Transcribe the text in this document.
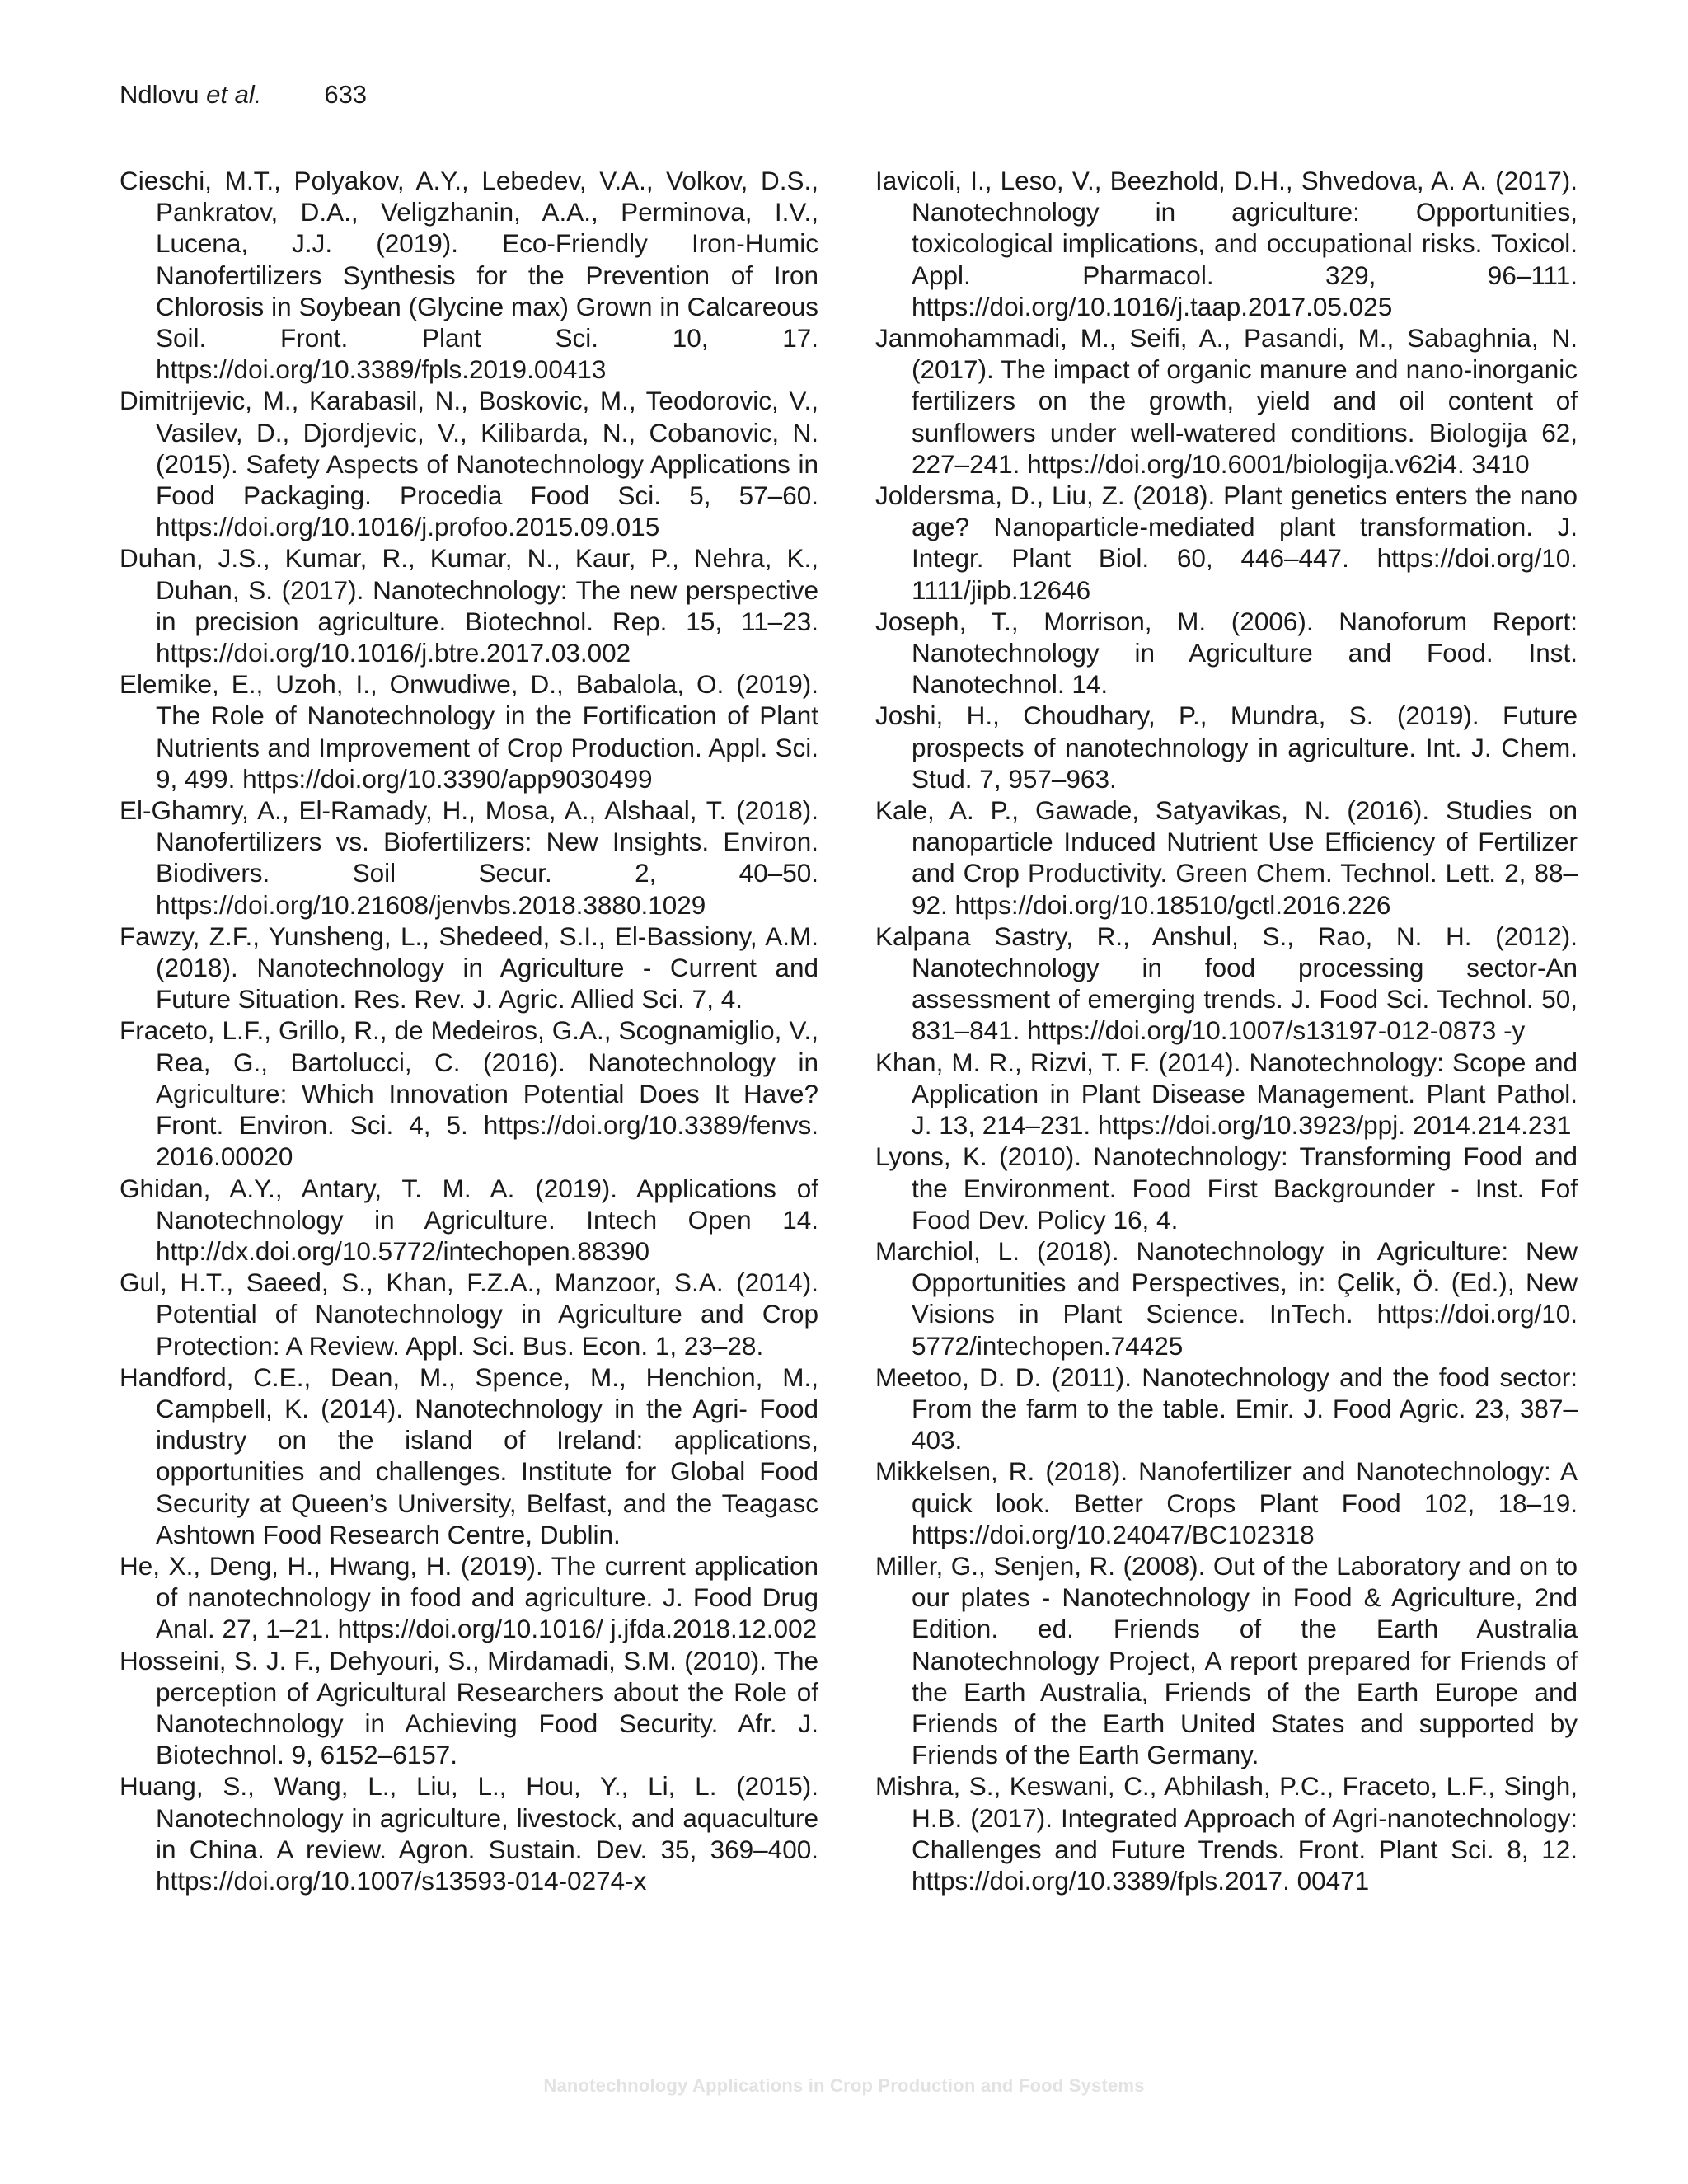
Ndlovu et al. 633
Cieschi, M.T., Polyakov, A.Y., Lebedev, V.A., Volkov, D.S., Pankratov, D.A., Veligzhanin, A.A., Perminova, I.V., Lucena, J.J. (2019). Eco-Friendly Iron-Humic Nanofertilizers Synthesis for the Prevention of Iron Chlorosis in Soybean (Glycine max) Grown in Calcareous Soil. Front. Plant Sci. 10, 17. https://doi.org/10.3389/fpls.2019.00413
Dimitrijevic, M., Karabasil, N., Boskovic, M., Teodorovic, V., Vasilev, D., Djordjevic, V., Kilibarda, N., Cobanovic, N. (2015). Safety Aspects of Nanotechnology Applications in Food Packaging. Procedia Food Sci. 5, 57–60. https://doi.org/10.1016/j.profoo.2015.09.015
Duhan, J.S., Kumar, R., Kumar, N., Kaur, P., Nehra, K., Duhan, S. (2017). Nanotechnology: The new perspective in precision agriculture. Biotechnol. Rep. 15, 11–23. https://doi.org/10.1016/j.btre.2017.03.002
Elemike, E., Uzoh, I., Onwudiwe, D., Babalola, O. (2019). The Role of Nanotechnology in the Fortification of Plant Nutrients and Improvement of Crop Production. Appl. Sci. 9, 499. https://doi.org/10.3390/app9030499
El-Ghamry, A., El-Ramady, H., Mosa, A., Alshaal, T. (2018). Nanofertilizers vs. Biofertilizers: New Insights. Environ. Biodivers. Soil Secur. 2, 40–50. https://doi.org/10.21608/jenvbs.2018.3880.1029
Fawzy, Z.F., Yunsheng, L., Shedeed, S.I., El-Bassiony, A.M. (2018). Nanotechnology in Agriculture - Current and Future Situation. Res. Rev. J. Agric. Allied Sci. 7, 4.
Fraceto, L.F., Grillo, R., de Medeiros, G.A., Scognamiglio, V., Rea, G., Bartolucci, C. (2016). Nanotechnology in Agriculture: Which Innovation Potential Does It Have? Front. Environ. Sci. 4, 5. https://doi.org/10.3389/fenvs. 2016.00020
Ghidan, A.Y., Antary, T. M. A. (2019). Applications of Nanotechnology in Agriculture. Intech Open 14. http://dx.doi.org/10.5772/intechopen.88390
Gul, H.T., Saeed, S., Khan, F.Z.A., Manzoor, S.A. (2014). Potential of Nanotechnology in Agriculture and Crop Protection: A Review. Appl. Sci. Bus. Econ. 1, 23–28.
Handford, C.E., Dean, M., Spence, M., Henchion, M., Campbell, K. (2014). Nanotechnology in the Agri- Food industry on the island of Ireland: applications, opportunities and challenges. Institute for Global Food Security at Queen’s University, Belfast, and the Teagasc Ashtown Food Research Centre, Dublin.
He, X., Deng, H., Hwang, H. (2019). The current application of nanotechnology in food and agriculture. J. Food Drug Anal. 27, 1–21. https://doi.org/10.1016/ j.jfda.2018.12.002
Hosseini, S. J. F., Dehyouri, S., Mirdamadi, S.M. (2010). The perception of Agricultural Researchers about the Role of Nanotechnology in Achieving Food Security. Afr. J. Biotechnol. 9, 6152–6157.
Huang, S., Wang, L., Liu, L., Hou, Y., Li, L. (2015). Nanotechnology in agriculture, livestock, and aquaculture in China. A review. Agron. Sustain. Dev. 35, 369–400. https://doi.org/10.1007/s13593-014-0274-x
Iavicoli, I., Leso, V., Beezhold, D.H., Shvedova, A. A. (2017). Nanotechnology in agriculture: Opportunities, toxicological implications, and occupational risks. Toxicol. Appl. Pharmacol. 329, 96–111. https://doi.org/10.1016/j.taap.2017.05.025
Janmohammadi, M., Seifi, A., Pasandi, M., Sabaghnia, N. (2017). The impact of organic manure and nano-inorganic fertilizers on the growth, yield and oil content of sunflowers under well-watered conditions. Biologija 62, 227–241. https://doi.org/10.6001/biologija.v62i4. 3410
Joldersma, D., Liu, Z. (2018). Plant genetics enters the nano age? Nanoparticle-mediated plant transformation. J. Integr. Plant Biol. 60, 446–447. https://doi.org/10. 1111/jipb.12646
Joseph, T., Morrison, M. (2006). Nanoforum Report: Nanotechnology in Agriculture and Food. Inst. Nanotechnol. 14.
Joshi, H., Choudhary, P., Mundra, S. (2019). Future prospects of nanotechnology in agriculture. Int. J. Chem. Stud. 7, 957–963.
Kale, A. P., Gawade, Satyavikas, N. (2016). Studies on nanoparticle Induced Nutrient Use Efficiency of Fertilizer and Crop Productivity. Green Chem. Technol. Lett. 2, 88–92. https://doi.org/10.18510/gctl.2016.226
Kalpana Sastry, R., Anshul, S., Rao, N. H. (2012). Nanotechnology in food processing sector-An assessment of emerging trends. J. Food Sci. Technol. 50, 831–841. https://doi.org/10.1007/s13197-012-0873 -y
Khan, M. R., Rizvi, T. F. (2014). Nanotechnology: Scope and Application in Plant Disease Management. Plant Pathol. J. 13, 214–231. https://doi.org/10.3923/ppj. 2014.214.231
Lyons, K. (2010). Nanotechnology: Transforming Food and the Environment. Food First Backgrounder - Inst. Fof Food Dev. Policy 16, 4.
Marchiol, L. (2018). Nanotechnology in Agriculture: New Opportunities and Perspectives, in: Çelik, Ö. (Ed.), New Visions in Plant Science. InTech. https://doi.org/10. 5772/intechopen.74425
Meetoo, D. D. (2011). Nanotechnology and the food sector: From the farm to the table. Emir. J. Food Agric. 23, 387–403.
Mikkelsen, R. (2018). Nanofertilizer and Nanotechnology: A quick look. Better Crops Plant Food 102, 18–19. https://doi.org/10.24047/BC102318
Miller, G., Senjen, R. (2008). Out of the Laboratory and on to our plates - Nanotechnology in Food & Agriculture, 2nd Edition. ed. Friends of the Earth Australia Nanotechnology Project, A report prepared for Friends of the Earth Australia, Friends of the Earth Europe and Friends of the Earth United States and supported by Friends of the Earth Germany.
Mishra, S., Keswani, C., Abhilash, P.C., Fraceto, L.F., Singh, H.B. (2017). Integrated Approach of Agri-nanotechnology: Challenges and Future Trends. Front. Plant Sci. 8, 12. https://doi.org/10.3389/fpls.2017. 00471
Nanotechnology Applications in Crop Production and Food Systems
